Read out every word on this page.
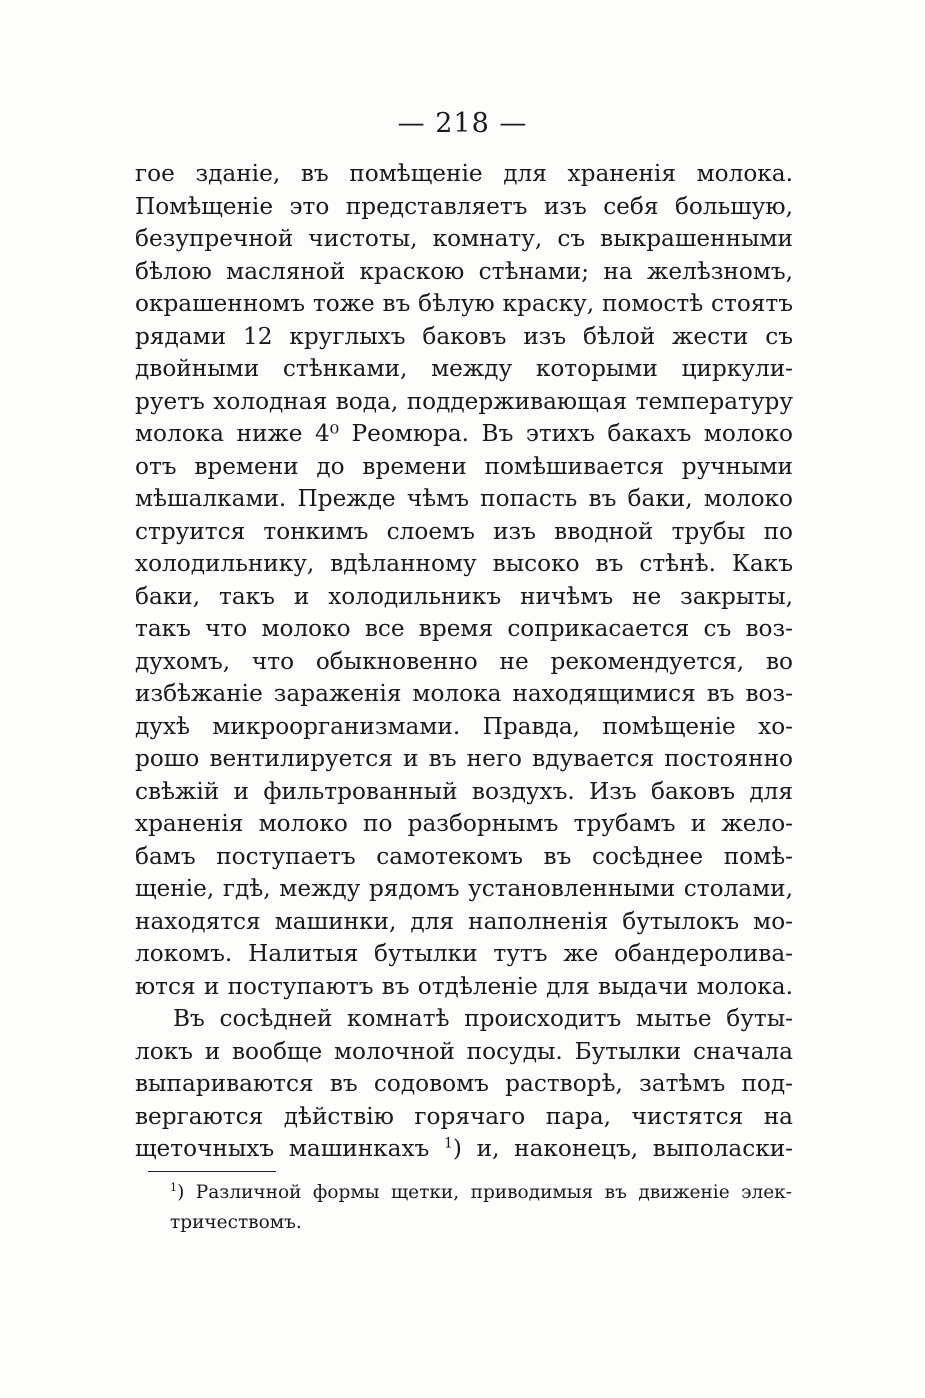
— 218 —
гое зданіе, въ помѣщеніе для храненія молока.
Помѣщеніе это представляетъ изъ себя большую,
безупречной чистоты, комнату, съ выкрашенными
бѣлою масляной краскою стѣнами; на желѣзномъ,
окрашенномъ тоже въ бѣлую краску, помостѣ стоятъ
рядами 12 круглыхъ баковъ изъ бѣлой жести съ
двойными стѣнками, между которыми циркули-
руетъ холодная вода, поддерживающая температуру
молока ниже 4⁰ Реомюра. Въ этихъ бакахъ молоко
отъ времени до времени помѣшивается ручными
мѣшалками. Прежде чѣмъ попасть въ баки, молоко
струится тонкимъ слоемъ изъ вводной трубы по
холодильнику, вдѣланному высоко въ стѣнѣ. Какъ
баки, такъ и холодильникъ ничѣмъ не закрыты,
такъ что молоко все время соприкасается съ воз-
духомъ, что обыкновенно не рекомендуется, во
избѣжаніе зараженія молока находящимися въ воз-
духѣ микроорганизмами. Правда, помѣщеніе хо-
рошо вентилируется и въ него вдувается постоянно
свѣжій и фильтрованный воздухъ. Изъ баковъ для
храненія молоко по разборнымъ трубамъ и жело-
бамъ поступаетъ самотекомъ въ сосѣднее помѣ-
щеніе, гдѣ, между рядомъ установленными столами,
находятся машинки, для наполненія бутылокъ мо-
локомъ. Налитыя бутылки тутъ же обандероливa-
ются и поступаютъ въ отдѣленіе для выдачи молока.
Въ сосѣдней комнатѣ происходитъ мытье буты-
локъ и вообще молочной посуды. Бутылки сначала
выпариваются въ содовомъ растворѣ, затѣмъ под-
вергаются дѣйствію горячаго пара, чистятся на
щеточныхъ машинкахъ $^1$) и, наконецъ, выполаски-
$^1$) Различной формы щетки, приводимыя въ движеніе элек-
тричествомъ.
